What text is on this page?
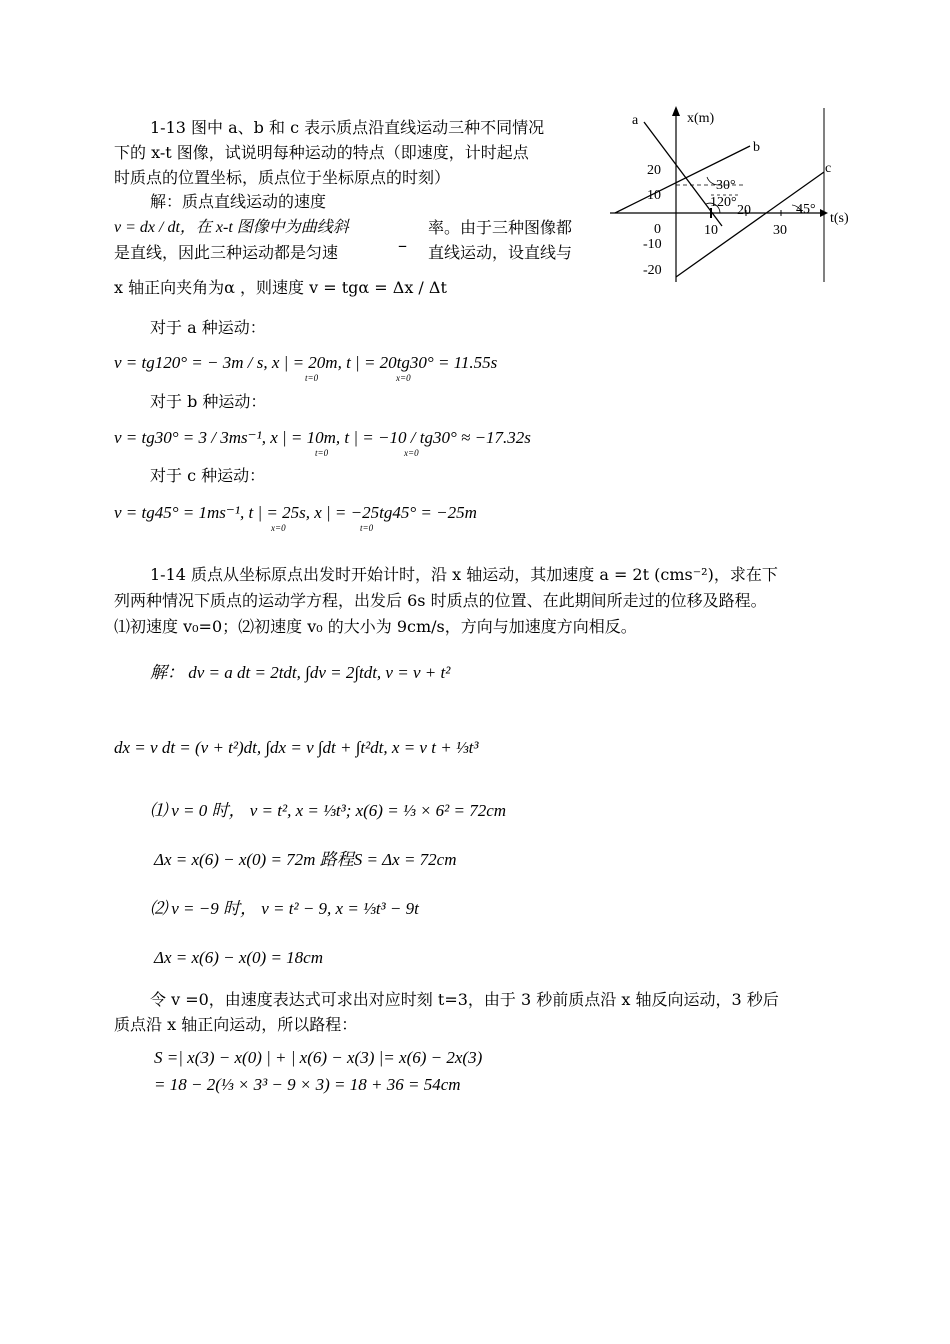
1-13 图中 a、b 和 c 表示质点沿直线运动三种不同情况
下的 x-t 图像，试说明每种运动的特点（即速度，计时起点
时质点的位置坐标，质点位于坐标原点的时刻）
解：质点直线运动的速度
v = dx / dt，在 x-t 图像中为曲线斜	率。由于三种图像都
是直线，因此三种运动都是匀速	– 直线运动，设直线与
x 轴正向夹角为α ，则速度 v = tgα = Δx / Δt
对于 a 种运动：
v = tg120° = − 3m / s, x | = 20m, t | = 20tg30° = 11.55s
t=0	x=0
对于 b 种运动：
v = tg30° = 3 / 3ms⁻¹, x | = 10m, t | = −10 / tg30° ≈ −17.32s
t=0	x=0
对于 c 种运动：
v = tg45° = 1ms⁻¹, t | = 25s, x | = −25tg45° = −25m
x=0	t=0
a
b
c
x(m)
t(s)
20
10
0
-10
-20
10
20
30
30°
120°	45°
1-14 质点从坐标原点出发时开始计时，沿 x 轴运动，其加速度 a = 2t (cms⁻²)，求在下
列两种情况下质点的运动学方程，出发后 6s 时质点的位置、在此期间所走过的位移及路程。
⑴初速度 v₀=0；⑵初速度 v₀ 的大小为 9cm/s，方向与加速度方向相反。
解： dv = a dt = 2tdt, ∫dv = 2∫tdt, v = v + t²
dx = v dt = (v + t²)dt, ∫dx = v ∫dt + ∫t²dt, x = v t + ⅓t³
⑴ v = 0 时， v = t², x = ⅓t³; x(6) = ⅓ × 6² = 72cm
Δx = x(6) − x(0) = 72m 路程S = Δx = 72cm
⑵ v = −9 时， v = t² − 9, x = ⅓t³ − 9t
Δx = x(6) − x(0) = 18cm
令 v =0，由速度表达式可求出对应时刻 t=3，由于 3 秒前质点沿 x 轴反向运动，3 秒后
质点沿 x 轴正向运动，所以路程：
S =| x(3) − x(0) | + | x(6) − x(3) |= x(6) − 2x(3)
= 18 − 2(⅓ × 3³ − 9 × 3) = 18 + 36 = 54cm
